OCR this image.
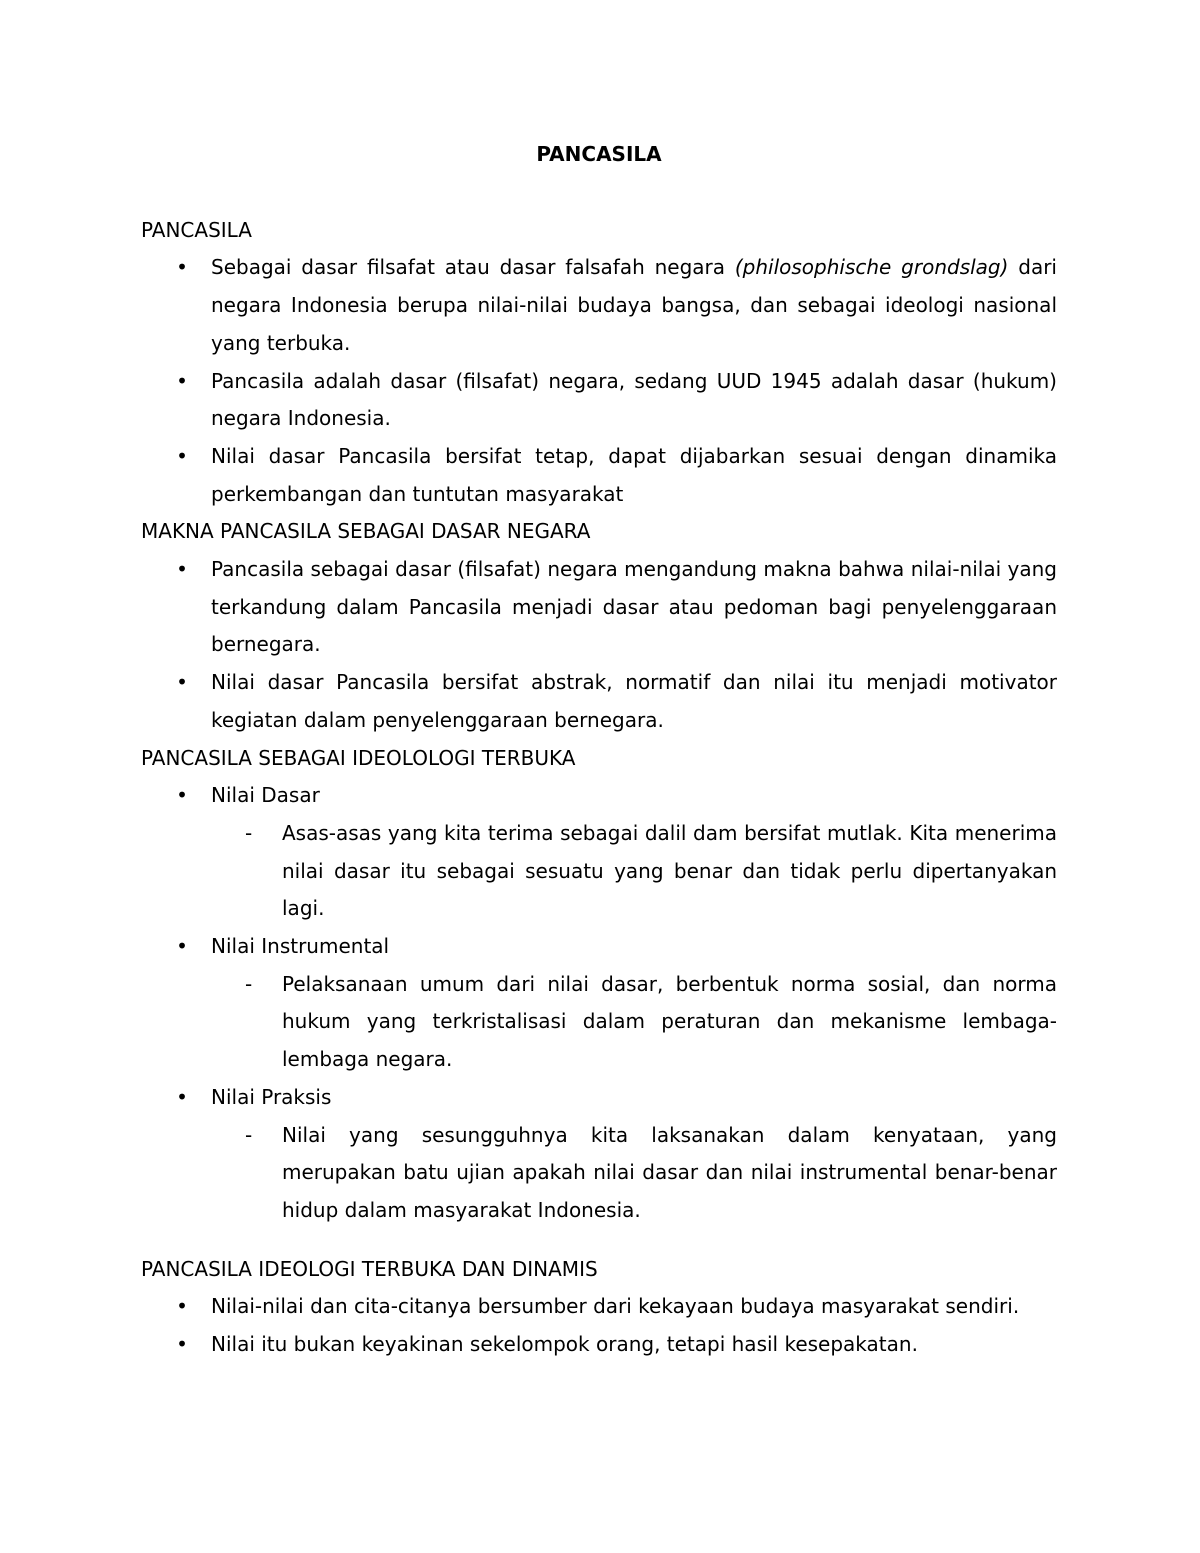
PANCASILA
PANCASILA
• Sebagai dasar filsafat atau dasar falsafah negara (philosophische grondslag) dari negara Indonesia berupa nilai-nilai budaya bangsa, dan sebagai ideologi nasional yang terbuka.
• Pancasila adalah dasar (filsafat) negara, sedang UUD 1945 adalah dasar (hukum) negara Indonesia.
• Nilai dasar Pancasila bersifat tetap, dapat dijabarkan sesuai dengan dinamika perkembangan dan tuntutan masyarakat
MAKNA PANCASILA SEBAGAI DASAR NEGARA
• Pancasila sebagai dasar (filsafat) negara mengandung makna bahwa nilai-nilai yang terkandung dalam Pancasila menjadi dasar atau pedoman bagi penyelenggaraan bernegara.
• Nilai dasar Pancasila bersifat abstrak, normatif dan nilai itu menjadi motivator kegiatan dalam penyelenggaraan bernegara.
PANCASILA SEBAGAI IDEOLOLOGI TERBUKA
• Nilai Dasar
- Asas-asas yang kita terima sebagai dalil dam bersifat mutlak. Kita menerima nilai dasar itu sebagai sesuatu yang benar dan tidak perlu dipertanyakan lagi.
• Nilai Instrumental
- Pelaksanaan umum dari nilai dasar, berbentuk norma sosial, dan norma hukum yang terkristalisasi dalam peraturan dan mekanisme lembaga-lembaga negara.
• Nilai Praksis
- Nilai yang sesungguhnya kita laksanakan dalam kenyataan, yang merupakan batu ujian apakah nilai dasar dan nilai instrumental benar-benar hidup dalam masyarakat Indonesia.
PANCASILA IDEOLOGI TERBUKA DAN DINAMIS
• Nilai-nilai dan cita-citanya bersumber dari kekayaan budaya masyarakat sendiri.
• Nilai itu bukan keyakinan sekelompok orang, tetapi hasil kesepakatan.
